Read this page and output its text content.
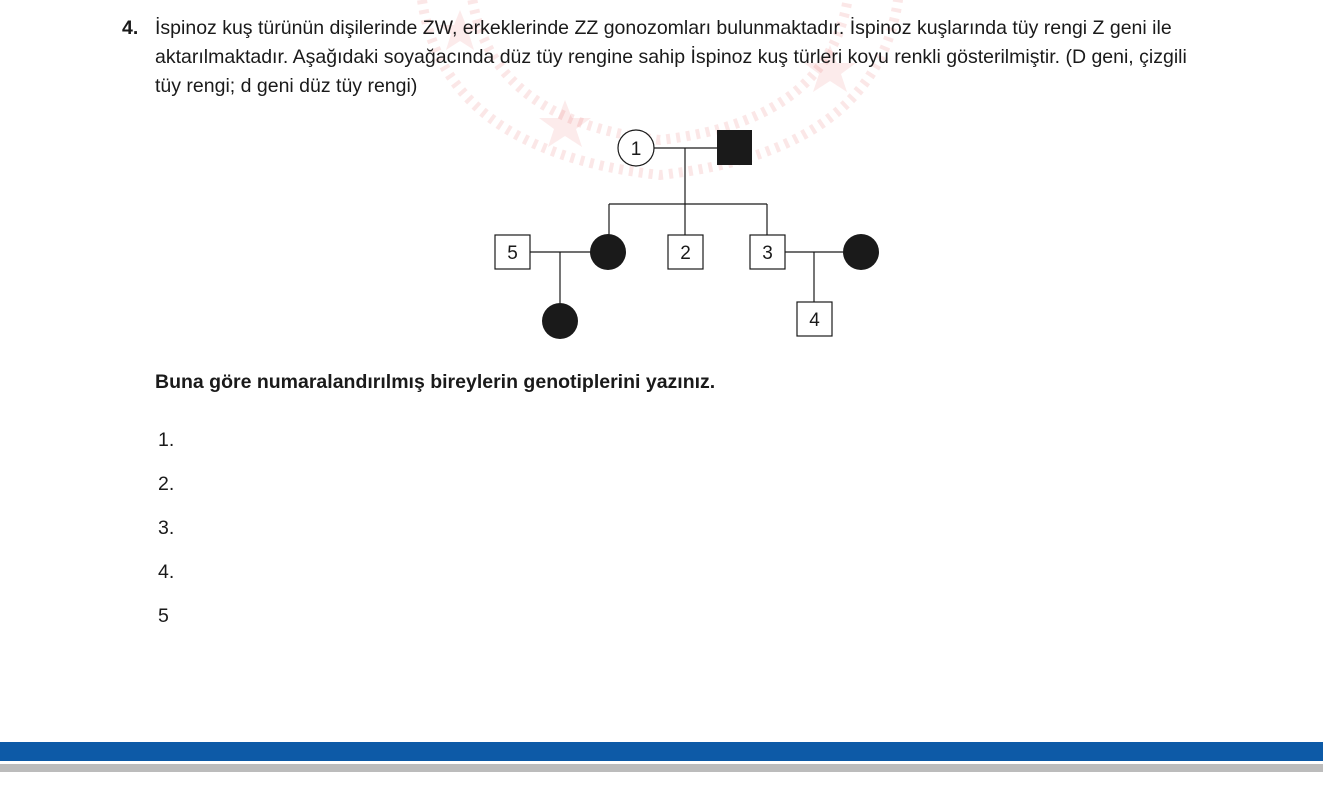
4. İspinoz kuş türünün dişilerinde ZW, erkeklerinde ZZ gonozomları bulunmaktadır. İspinoz kuşlarında tüy rengi Z geni ile aktarılmaktadır. Aşağıdaki soyağacında düz tüy rengine sahip İspinoz kuş türleri koyu renkli gösterilmiştir. (D geni, çizgili tüy rengi; d geni düz tüy rengi)
1
5	2	3
4
Buna göre numaralandırılmış bireylerin genotiplerini yazınız.
1.
2.
3.
4.
5
